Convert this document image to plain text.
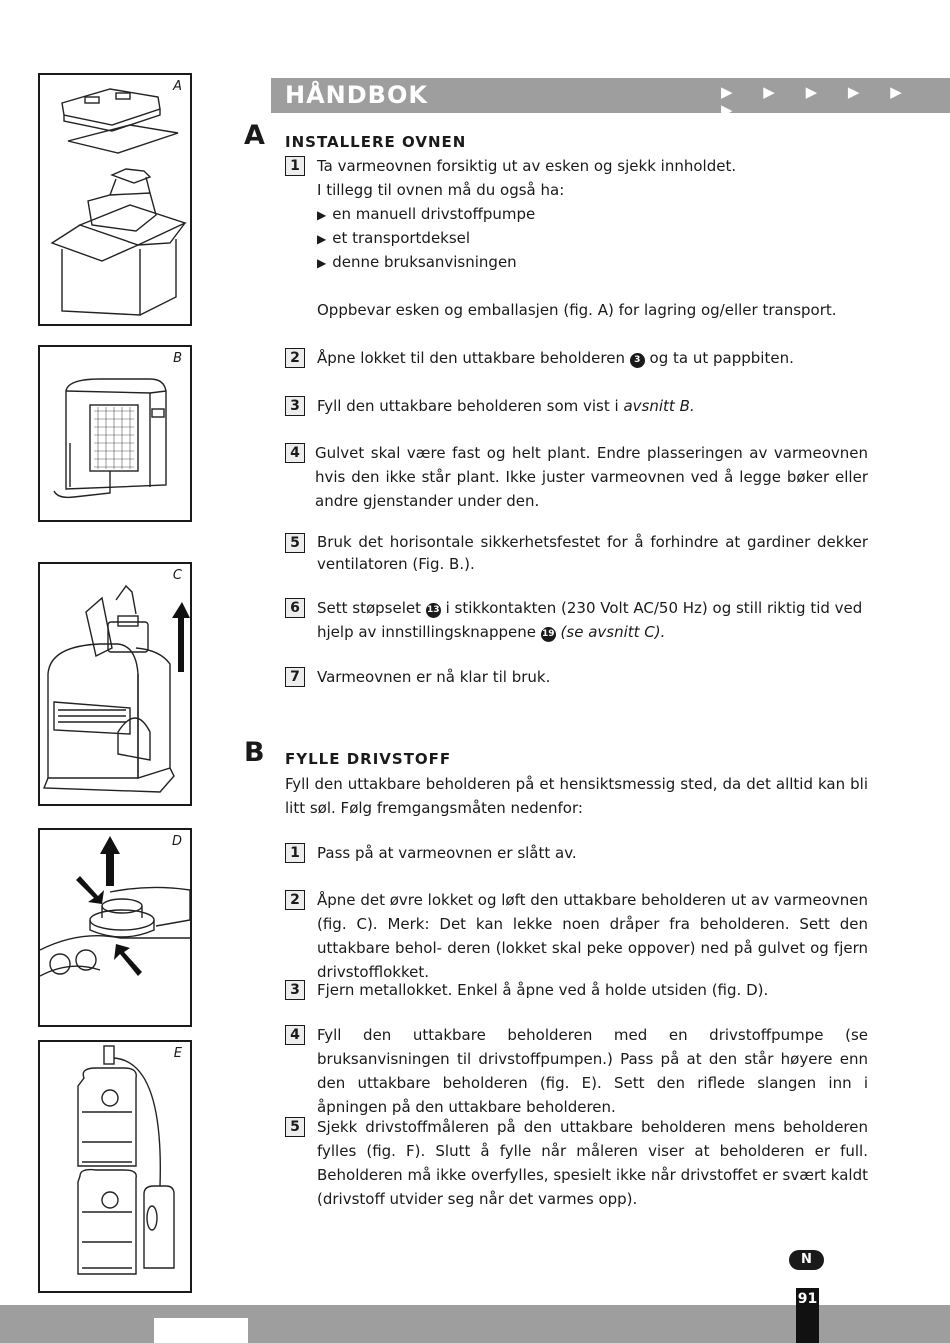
A
B
C
D
E
HÅNDBOK	▶ ▶ ▶ ▶ ▶ ▶
A INSTALLERE OVNEN
1	Ta varmeovnen forsiktig ut av esken og sjekk innholdet.
I tillegg til ovnen må du også ha:
▶ en manuell drivstoffpumpe
▶ et transportdeksel
▶ denne bruksanvisningen
Oppbevar esken og emballasjen (fig. A) for lagring og/eller transport.
2	Åpne lokket til den uttakbare beholderen 3 og ta ut pappbiten.
3	Fyll den uttakbare beholderen som vist i avsnitt B.
4	Gulvet skal være fast og helt plant. Endre plasseringen av varmeovnen hvis den ikke står plant. Ikke juster varmeovnen ved å legge bøker eller andre gjenstander under den.
5	Bruk det horisontale sikkerhetsfestet for å forhindre at gardiner dekker ventilatoren (Fig. B.).
6	Sett støpselet 13 i stikkontakten (230 Volt AC/50 Hz) og still riktig tid ved hjelp av innstillingsknappene 19 (se avsnitt C).
7	Varmeovnen er nå klar til bruk.
B FYLLE DRIVSTOFF
Fyll den uttakbare beholderen på et hensiktsmessig sted, da det alltid kan bli litt søl. Følg fremgangsmåten nedenfor:
1	Pass på at varmeovnen er slått av.
2	Åpne det øvre lokket og løft den uttakbare beholderen ut av varmeovnen (fig. C). Merk: Det kan lekke noen dråper fra beholderen. Sett den uttakbare behol- deren (lokket skal peke oppover) ned på gulvet og fjern drivstofflokket.
3	Fjern metallokket. Enkel å åpne ved å holde utsiden (fig. D).
4	Fyll den uttakbare beholderen med en drivstoffpumpe (se bruksanvisningen til drivstoffpumpen.) Pass på at den står høyere enn den uttakbare beholderen (fig. E). Sett den riflede slangen inn i åpningen på den uttakbare beholderen.
5	Sjekk drivstoffmåleren på den uttakbare beholderen mens beholderen fylles (fig. F). Slutt å fylle når måleren viser at beholderen er full. Beholderen må ikke overfylles, spesielt ikke når drivstoffet er svært kaldt (drivstoff utvider seg når det varmes opp).
N
91
